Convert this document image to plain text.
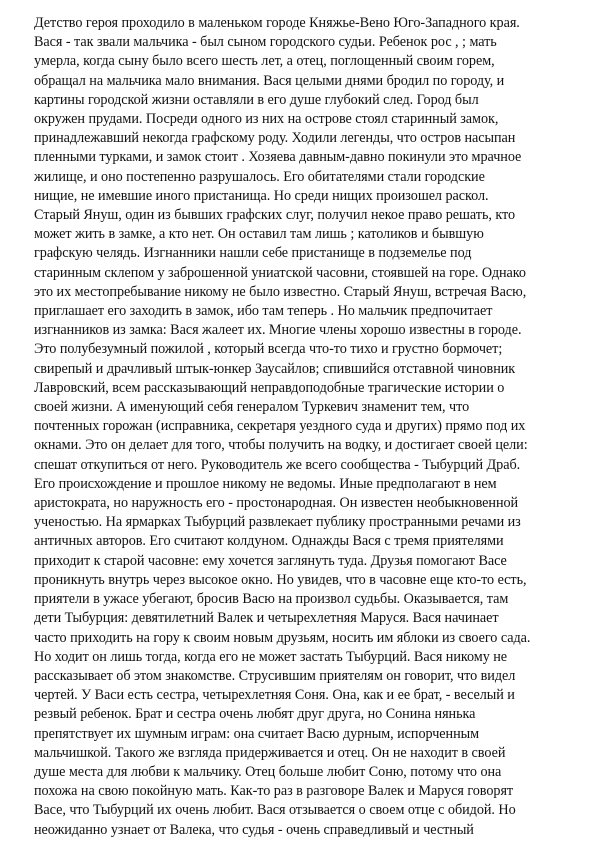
Детство героя проходило в маленьком городе Княжье-Вено Юго-Западного края.
Вася - так звали мальчика - был сыном городского судьи. Ребенок рос , ; мать
умерла, когда сыну было всего шесть лет, а отец, поглощенный своим горем,
обращал на мальчика мало внимания. Вася целыми днями бродил по городу, и
картины городской жизни оставляли в его душе глубокий след. Город был
окружен прудами. Посреди одного из них на острове стоял старинный замок,
принадлежавший некогда графскому роду. Ходили легенды, что остров насыпан
пленными турками, и замок стоит . Хозяева давным-давно покинули это мрачное
жилище, и оно постепенно разрушалось. Его обитателями стали городские
нищие, не имевшие иного пристанища. Но среди нищих произошел раскол.
Старый Януш, один из бывших графских слуг, получил некое право решать, кто
может жить в замке, а кто нет. Он оставил там лишь ; католиков и бывшую
графскую челядь. Изгнанники нашли себе пристанище в подземелье под
старинным склепом у заброшенной униатской часовни, стоявшей на горе. Однако
это их местопребывание никому не было известно. Старый Януш, встречая Васю,
приглашает его заходить в замок, ибо там теперь . Но мальчик предпочитает
изгнанников из замка: Вася жалеет их. Многие члены хорошо известны в городе.
Это полубезумный пожилой , который всегда что-то тихо и грустно бормочет;
свирепый и драчливый штык-юнкер Заусайлов; спившийся отставной чиновник
Лавровский, всем рассказывающий неправдоподобные трагические истории о
своей жизни. А именующий себя генералом Туркевич знаменит тем, что
почтенных горожан (исправника, секретаря уездного суда и других) прямо под их
окнами. Это он делает для того, чтобы получить на водку, и достигает своей цели:
спешат откупиться от него. Руководитель же всего сообщества - Тыбурций Драб.
Его происхождение и прошлое никому не ведомы. Иные предполагают в нем
аристократа, но наружность его - простонародная. Он известен необыкновенной
ученостью. На ярмарках Тыбурций развлекает публику пространными речами из
античных авторов. Его считают колдуном. Однажды Вася с тремя приятелями
приходит к старой часовне: ему хочется заглянуть туда. Друзья помогают Васе
проникнуть внутрь через высокое окно. Но увидев, что в часовне еще кто-то есть,
приятели в ужасе убегают, бросив Васю на произвол судьбы. Оказывается, там
дети Тыбурция: девятилетний Валек и четырехлетняя Маруся. Вася начинает
часто приходить на гору к своим новым друзьям, носить им яблоки из своего сада.
Но ходит он лишь тогда, когда его не может застать Тыбурций. Вася никому не
рассказывает об этом знакомстве. Струсившим приятелям он говорит, что видел
чертей. У Васи есть сестра, четырехлетняя Соня. Она, как и ее брат, - веселый и
резвый ребенок. Брат и сестра очень любят друг друга, но Сонина нянька
препятствует их шумным играм: она считает Васю дурным, испорченным
мальчишкой. Такого же взгляда придерживается и отец. Он не находит в своей
душе места для любви к мальчику. Отец больше любит Соню, потому что она
похожа на свою покойную мать. Как-то раз в разговоре Валек и Маруся говорят
Васе, что Тыбурций их очень любит. Вася отзывается о своем отце с обидой. Но
неожиданно узнает от Валека, что судья - очень справедливый и честный
